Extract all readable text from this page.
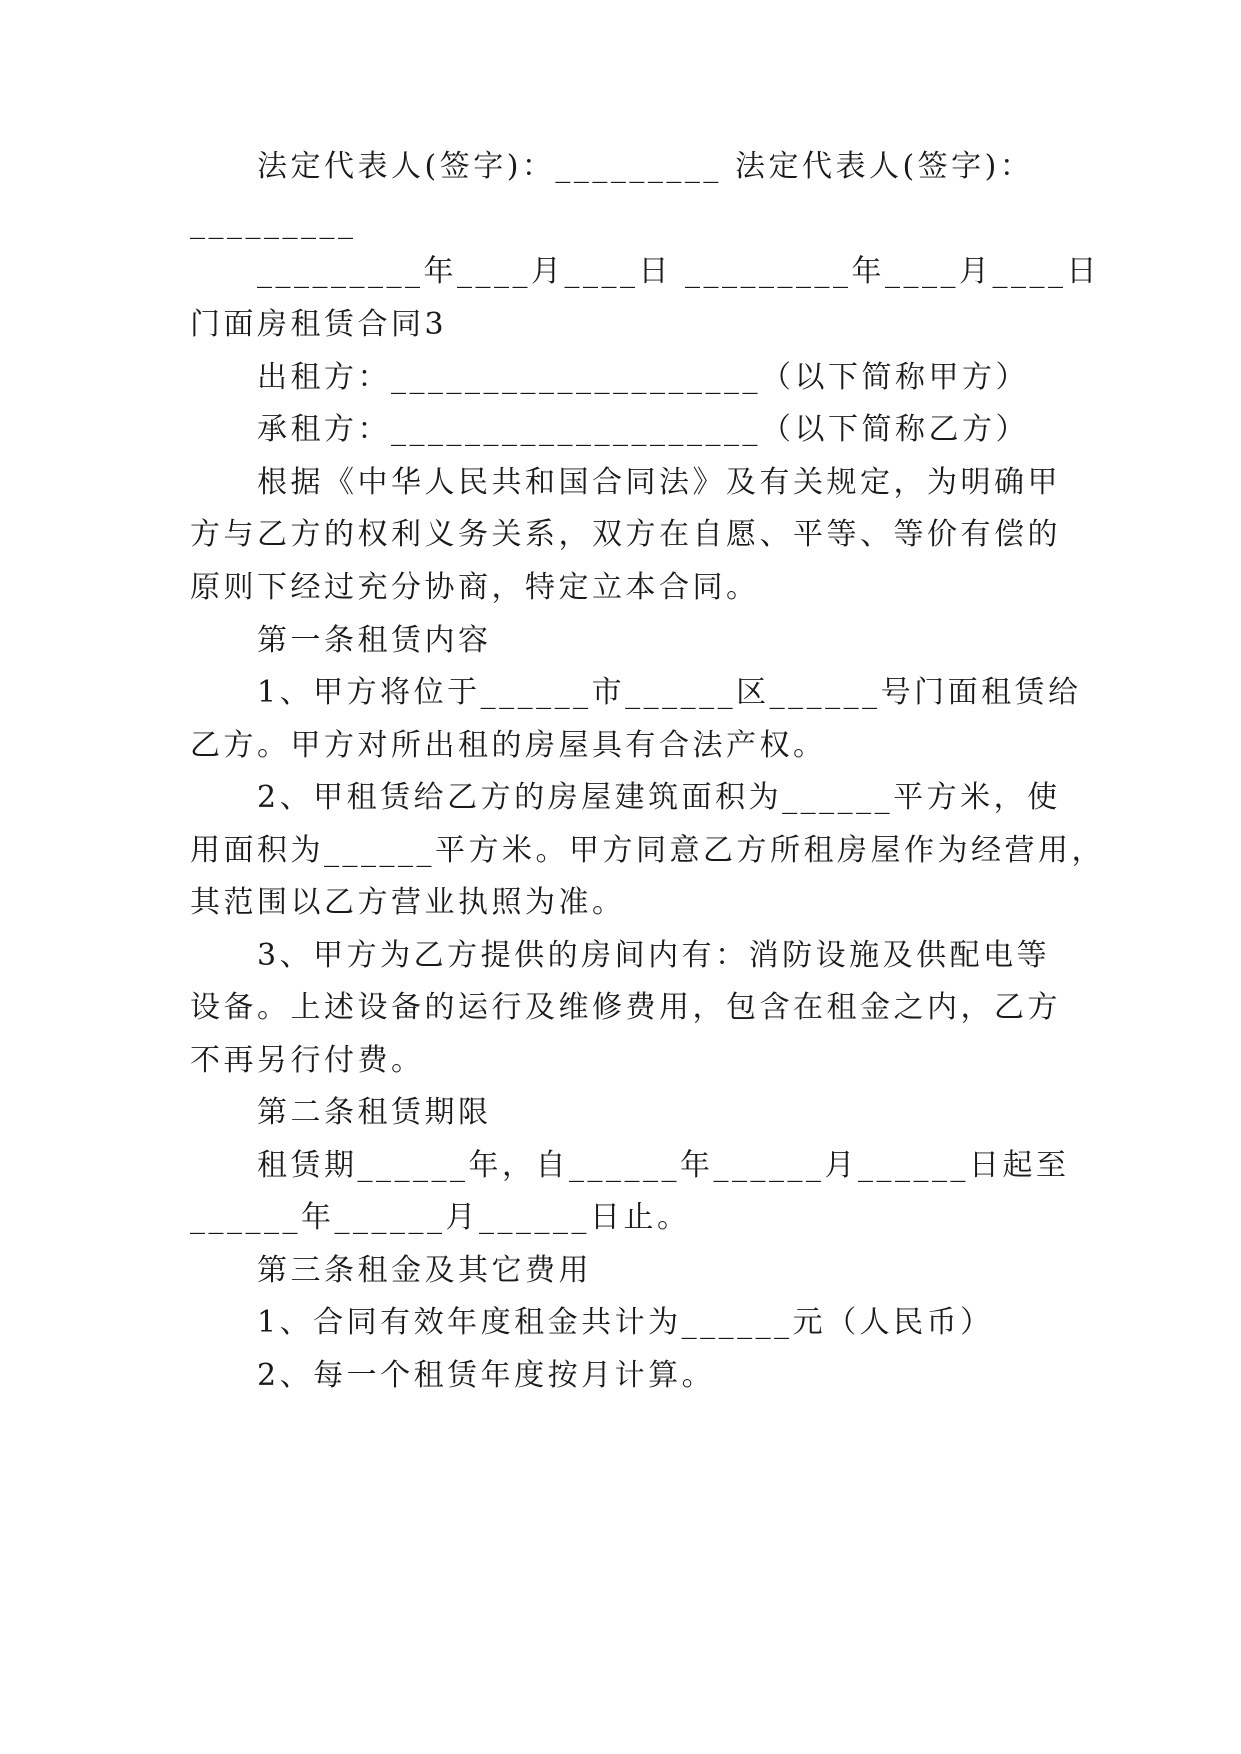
法定代表人(签字)：_________ 法定代表人(签字)：
_________
_________年____月____日 _________年____月____日
门面房租赁合同3
出租方：____________________（以下简称甲方）
承租方：____________________（以下简称乙方）
根据《中华人民共和国合同法》及有关规定，为明确甲
方与乙方的权利义务关系，双方在自愿、平等、等价有偿的
原则下经过充分协商，特定立本合同。
第一条租赁内容
1、甲方将位于______市______区______号门面租赁给
乙方。甲方对所出租的房屋具有合法产权。
2、甲租赁给乙方的房屋建筑面积为______平方米，使
用面积为______平方米。甲方同意乙方所租房屋作为经营用，
其范围以乙方营业执照为准。
3、甲方为乙方提供的房间内有：消防设施及供配电等
设备。上述设备的运行及维修费用，包含在租金之内，乙方
不再另行付费。
第二条租赁期限
租赁期______年，自______年______月______日起至
______年______月______日止。
第三条租金及其它费用
1、合同有效年度租金共计为______元（人民币）
2、每一个租赁年度按月计算。
